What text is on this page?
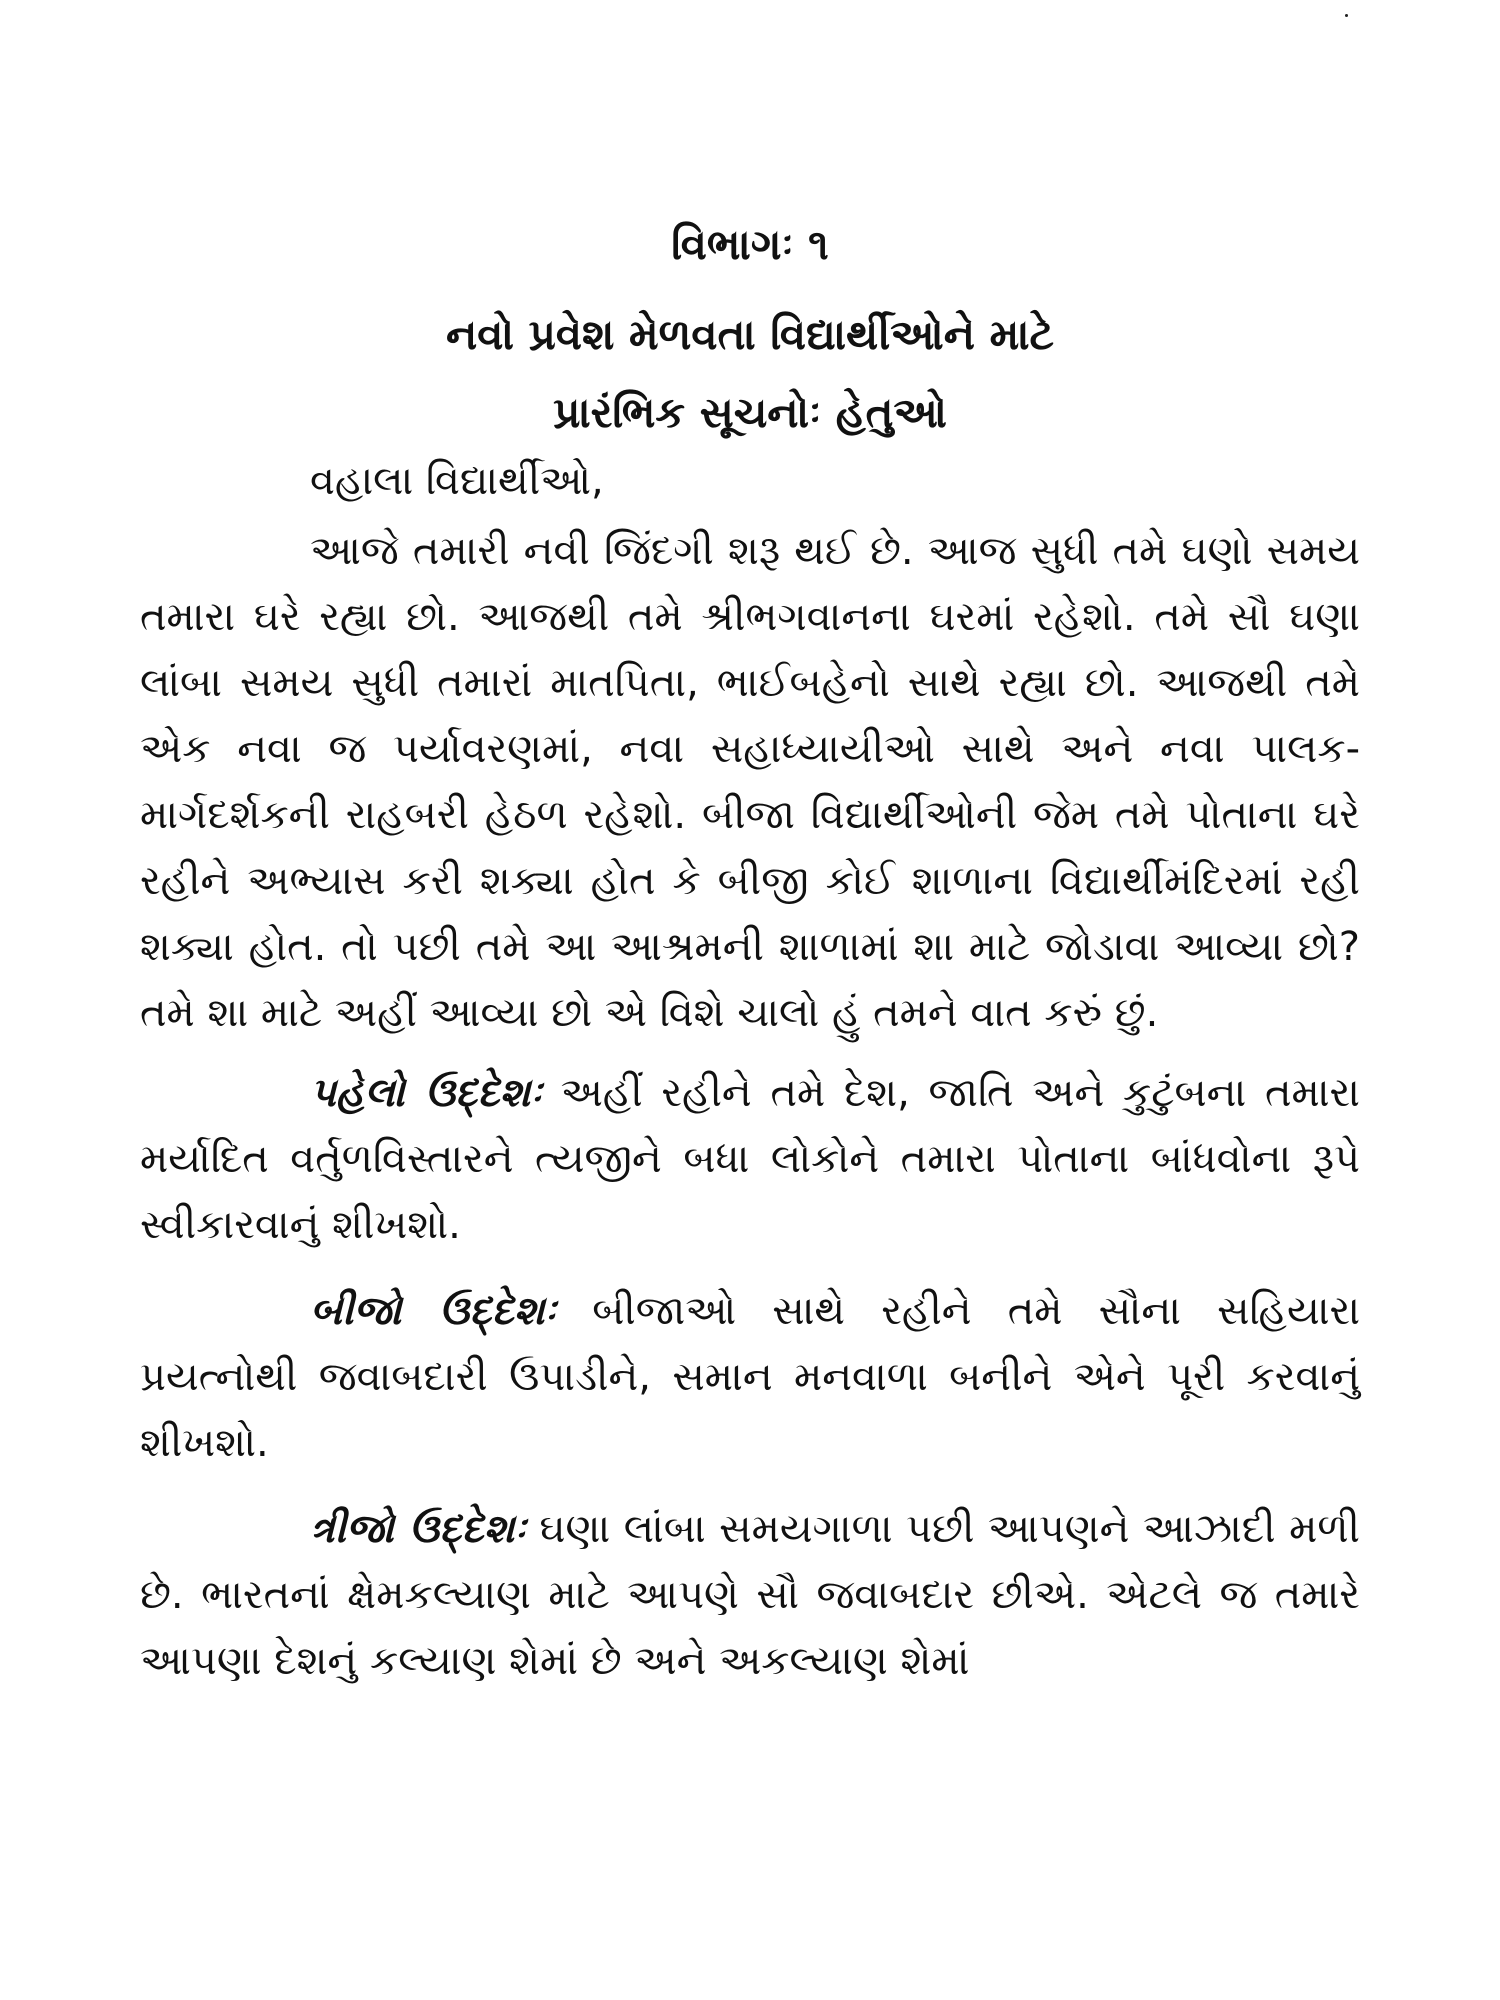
વિભાગઃ ૧
નવો પ્રવેશ મેળવતા વિદ્યાર્થીઓને માટે
પ્રારંભિક સૂચનોઃ હેતુઓ

વહાલા વિદ્યાર્થીઓ,

આજે તમારી નવી જિંદગી શરૂ થઈ છે. આજ સુધી તમે ઘણો સમય તમારા ઘરે રહ્યા છો. આજથી તમે શ્રીભગવાનના ઘરમાં રહેશો. તમે સૌ ઘણા લાંબા સમય સુધી તમારાં માતપિતા, ભાઈબહેનો સાથે રહ્યા છો. આજથી તમે એક નવા જ પર્યાવરણમાં, નવા સહાધ્યાયીઓ સાથે અને નવા પાલક-માર્ગદર્શકની રાહબરી હેઠળ રહેશો. બીજા વિદ્યાર્થીઓની જેમ તમે પોતાના ઘરે રહીને અભ્યાસ કરી શક્યા હોત કે બીજી કોઈ શાળાના વિદ્યાર્થીમંદિરમાં રહી શક્યા હોત. તો પછી તમે આ આશ્રમની શાળામાં શા માટે જોડાવા આવ્યા છો? તમે શા માટે અહીં આવ્યા છો એ વિશે ચાલો હું તમને વાત કરું છું.

પહેલો ઉદ્દેશઃ અહીં રહીને તમે દેશ, જાતિ અને કુટુંબના તમારા મર્યાદિત વર્તુળવિસ્તારને ત્યજીને બધા લોકોને તમારા પોતાના બાંધવોના રૂપે સ્વીકારવાનું શીખશો.

બીજો ઉદ્દેશઃ બીજાઓ સાથે રહીને તમે સૌના સહિયારા પ્રયત્નોથી જવાબદારી ઉપાડીને, સમાન મનવાળા બનીને એને પૂરી કરવાનું શીખશો.

ત્રીજો ઉદ્દેશઃ ઘણા લાંબા સમયગાળા પછી આપણને આઝાદી મળી છે. ભારતનાં ક્ષેમકલ્યાણ માટે આપણે સૌ જવાબદાર છીએ. એટલે જ તમારે આપણા દેશનું કલ્યાણ શેમાં છે અને અકલ્યાણ શેમાં
